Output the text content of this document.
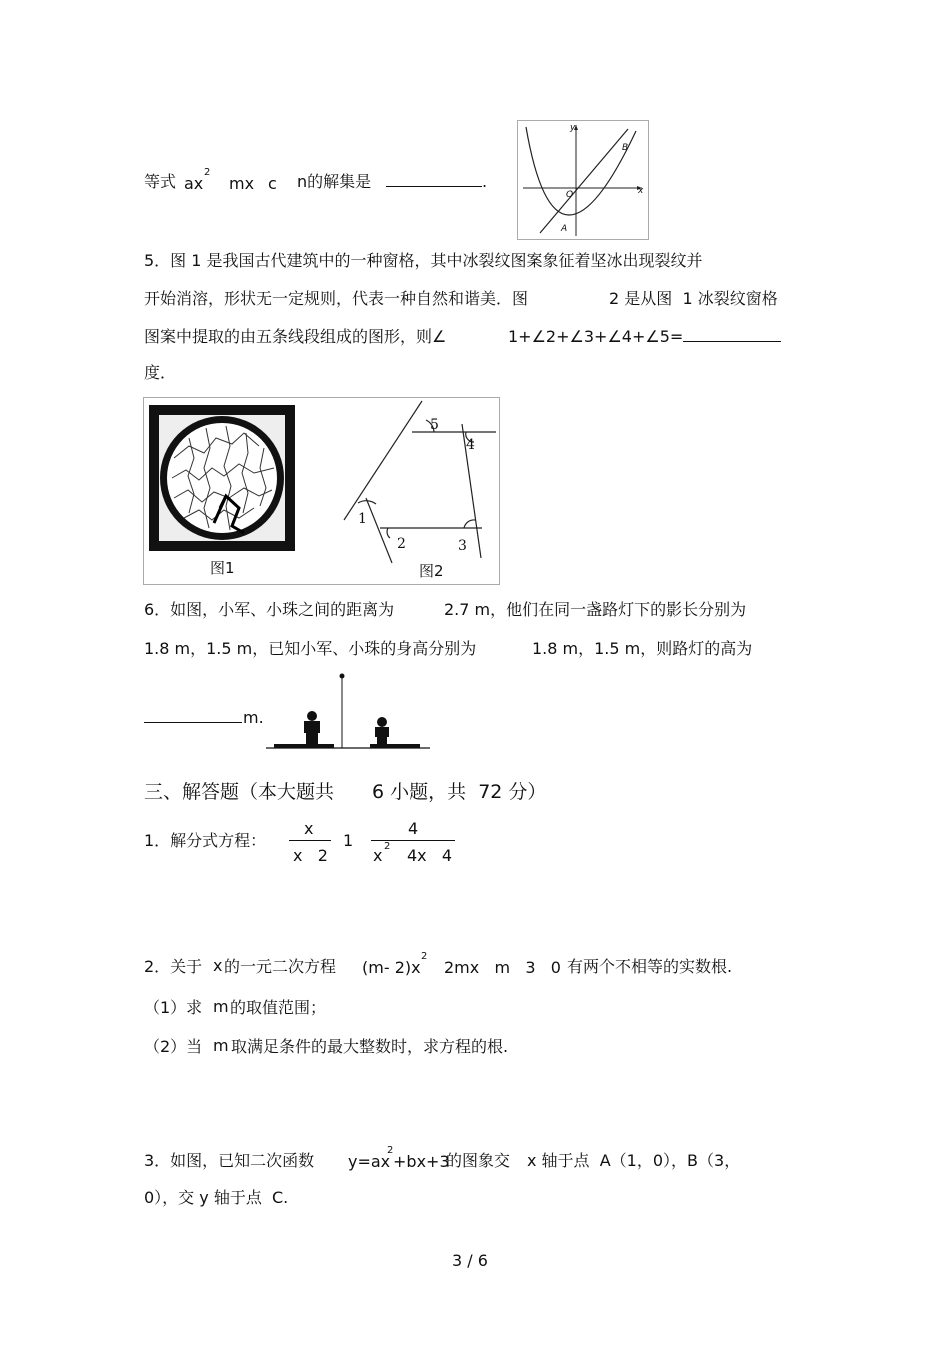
等式 ax
2
mx c n的解集是	.
y
x
O
A
B
5．图 1 是我国古代建筑中的一种窗格，其中冰裂纹图案象征着坚冰出现裂纹并
开始消溶，形状无一定规则，代表一种自然和谐美．图	2 是从图  1 冰裂纹窗格
图案中提取的由五条线段组成的图形，则∠	1+∠2+∠3+∠4+∠5=
度．
5
4
1
2	3
图1	图2
6．如图，小军、小珠之间的距离为	2.7 m，他们在同一盏路灯下的影长分别为
1.8 m，1.5 m，已知小军、小珠的身高分别为	1.8 m，1.5 m，则路灯的高为
m.
三、解答题（本大题共 6 小题，共  72 分）
1．解分式方程：
x
x   2
1
4
x 2 4x   4
2．关于 x 的一元二次方程 (m- 2)x
2
2mx   m   3   0 有两个不相等的实数根.
（1）求 m 的取值范围；
（2）当 m 取满足条件的最大整数时，求方程的根.
3．如图，已知二次函数 y=ax
2
+bx+3
的图象交 x 轴于点  A（1，0），B（3，
0），交 y 轴于点  C.
3 / 6
